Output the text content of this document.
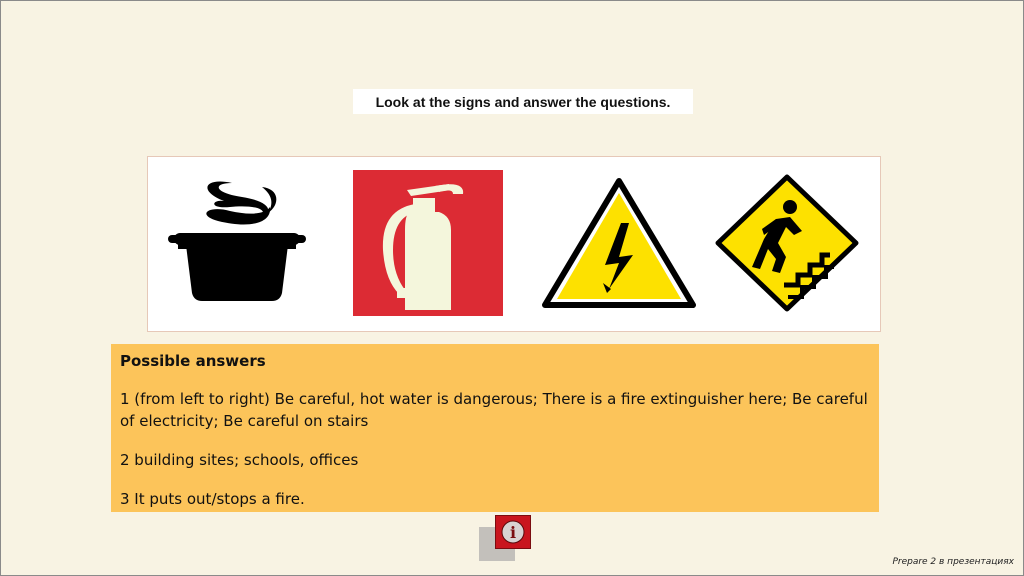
Look at the signs and answer the questions.

Possible answers

1 (from left to right) Be careful, hot water is dangerous; There is a fire extinguisher here; Be careful of electricity; Be careful on stairs

2 building sites; schools, offices

3 It puts out/stops a fire.

i
Prepare 2 в презентациях
